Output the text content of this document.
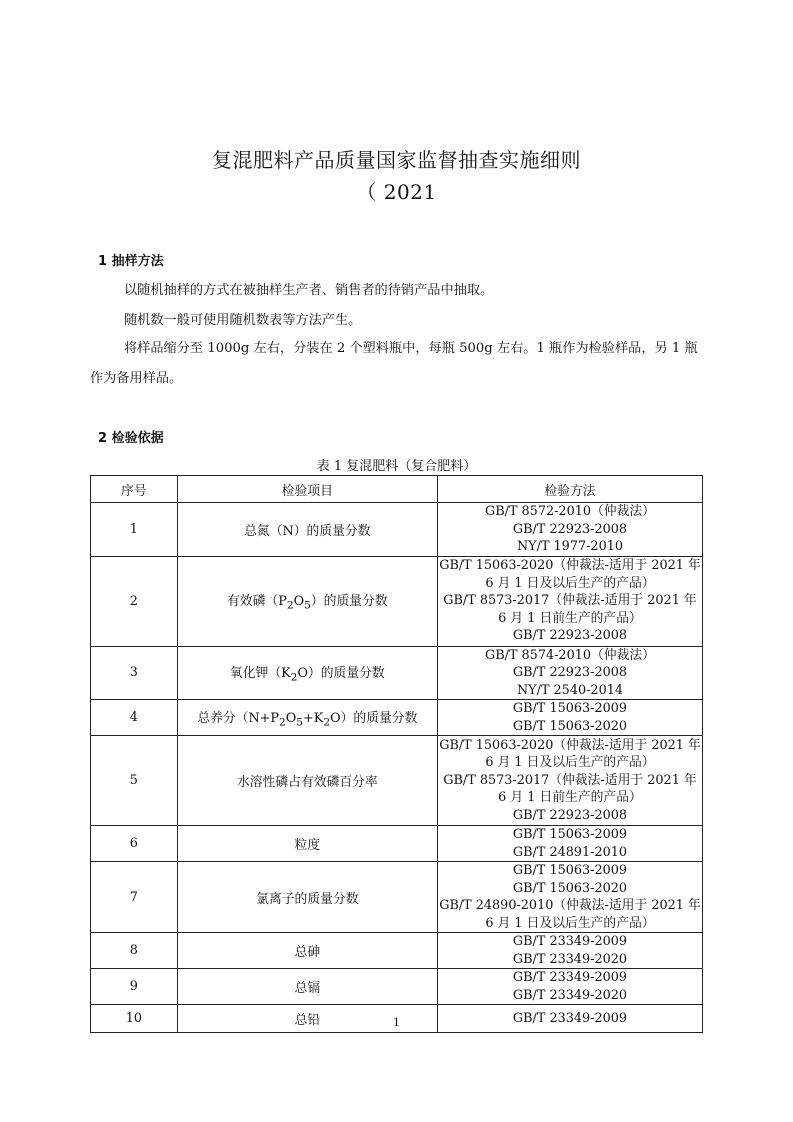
复混肥料产品质量国家监督抽查实施细则
（ 2021
1 抽样方法
以随机抽样的方式在被抽样生产者、销售者的待销产品中抽取。
随机数一般可使用随机数表等方法产生。
将样品缩分至 1000g 左右，分装在 2 个塑料瓶中，每瓶 500g 左右。1 瓶作为检验样品，另 1 瓶作为备用样品。
2 检验依据
表 1 复混肥料（复合肥料）
序号	检验项目	检验方法
1	总氮（N）的质量分数	GB/T 8572-2010（仲裁法）
GB/T 22923-2008
NY/T 1977-2010

2	有效磷$(P_2O_5)$的质量分数	GB/T 15063-2020（仲裁法-适用于 2021 年
6 月 1 日及以后生产的产品）
GB/T 8573-2017（仲裁法-适用于 2021 年
6 月 1 日前生产的产品）
GB/T 22923-2008

3	氧化钾$(K_2O)$的质量分数	GB/T 8574-2010（仲裁法）
GB/T 22923-2008
NY/T 2540-2014

4	总养分$(N+P_2O_5+K_2O)$的质量分数	GB/T 15063-2009
GB/T 15063-2020

5	水溶性磷占有效磷百分率	GB/T 15063-2020（仲裁法-适用于 2021 年
6 月 1 日及以后生产的产品）
GB/T 8573-2017（仲裁法-适用于 2021 年
6 月 1 日前生产的产品）
GB/T 22923-2008

6	粒度	GB/T 15063-2009
GB/T 24891-2010

7	氯离子的质量分数	GB/T 15063-2009
GB/T 15063-2020
GB/T 24890-2010（仲裁法-适用于 2021 年
6 月 1 日及以后生产的产品）

8	总砷	GB/T 23349-2009
GB/T 23349-2020

9	总镉	GB/T 23349-2009
GB/T 23349-2020

10	总铅	GB/T 23349-2009
1
